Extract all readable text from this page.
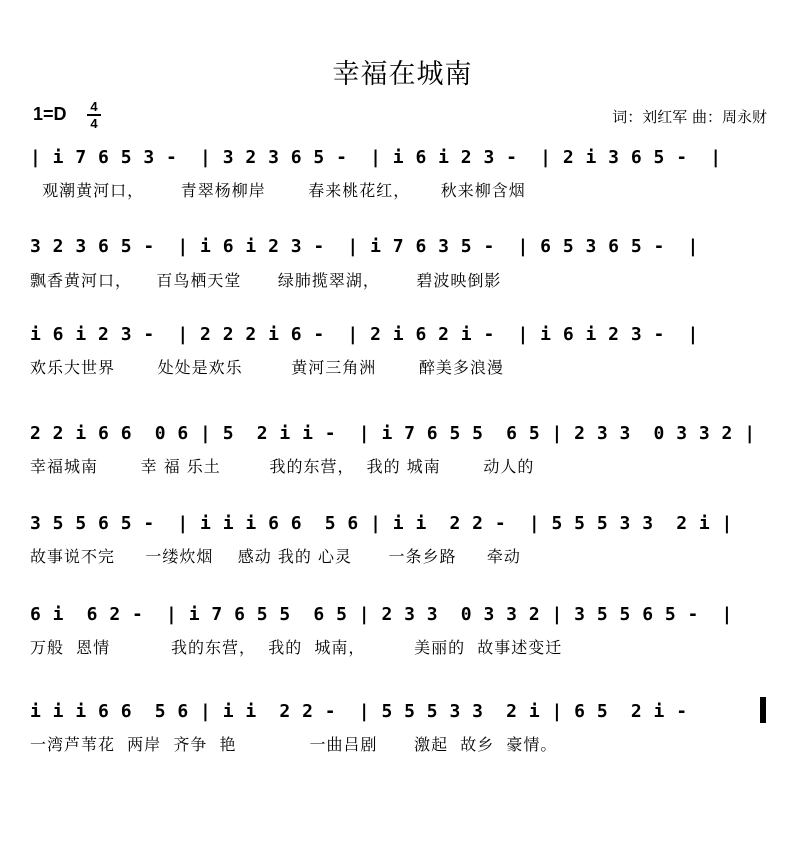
幸福在城南
1=D 4
4	词：刘红军 曲：周永财
| i 7 6 5 3 -  | 3 2 3 6 5 -  | i 6 i 2 3 -  | 2 i 3 6 5 -  |
观潮黄河口，      青翠杨柳岸       春来桃花红，     秋来柳含烟
3 2 3 6 5 -  | i 6 i 2 3 -  | i 7 6 3 5 -  | 6 5 3 6 5 -  |
飘香黄河口，    百鸟栖天堂      绿肺揽翠湖，      碧波映倒影
i 6 i 2 3 -  | 2 2 2 i 6 -  | 2 i 6 2 i -  | i 6 i 2 3 -  |
欢乐大世界       处处是欢乐        黄河三角洲       醉美多浪漫
2 2 i 6 6  0 6 | 5  2 i i -  | i 7 6 5 5  6 5 | 2 3 3  0 3 3 2 |
幸福城南       幸 福 乐土        我的东营，  我的 城南       动人的
3 5 5 6 5 -  | i i i 6 6  5 6 | i i  2 2 -  | 5 5 5 3 3  2 i |
故事说不完     一缕炊烟    感动 我的 心灵      一条乡路     牵动
6 i  6 2 -  | i 7 6 5 5  6 5 | 2 3 3  0 3 3 2 | 3 5 5 6 5 -  |
万般  恩情          我的东营，  我的  城南，        美丽的  故事述变迁
i i i 6 6  5 6 | i i  2 2 -  | 5 5 5 3 3  2 i | 6 5  2 i -
一湾芦苇花  两岸  齐争  艳            一曲吕剧      激起  故乡  豪情。
